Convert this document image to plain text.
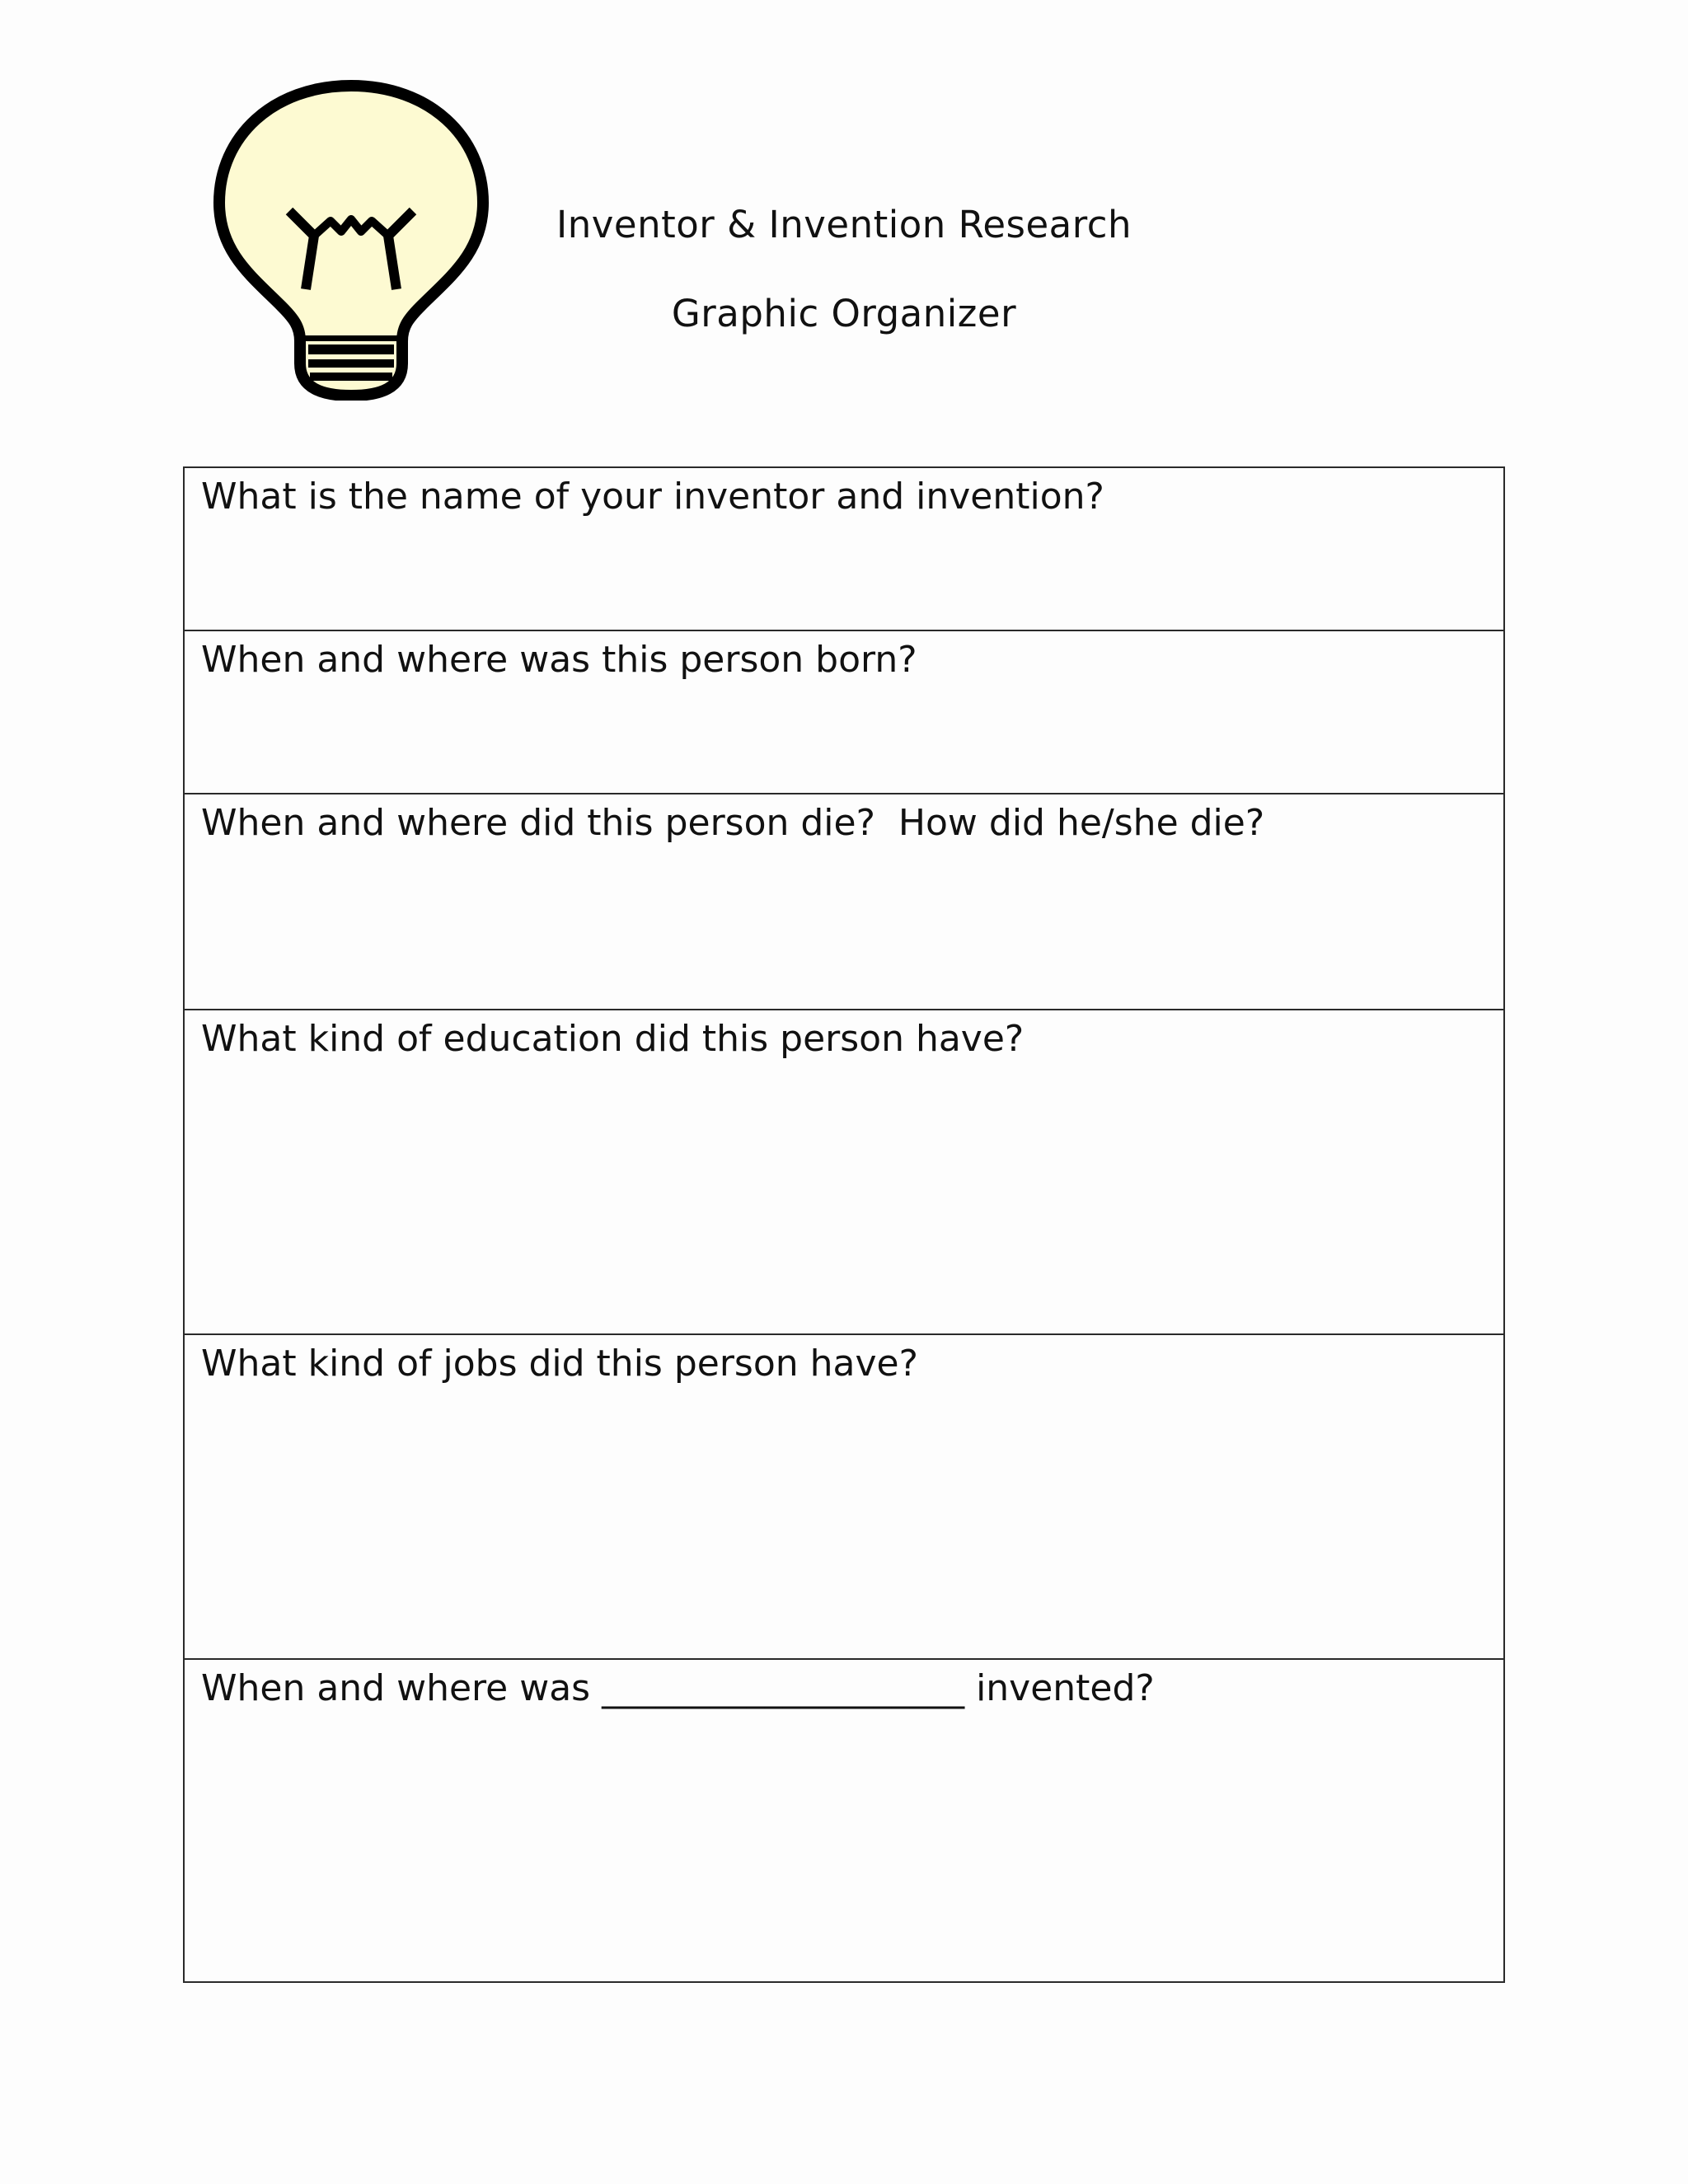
Inventor & Invention Research
Graphic Organizer
What is the name of your inventor and invention?
When and where was this person born?
When and where did this person die?  How did he/she die?
What kind of education did this person have?
What kind of jobs did this person have?
When and where was ____________________ invented?
